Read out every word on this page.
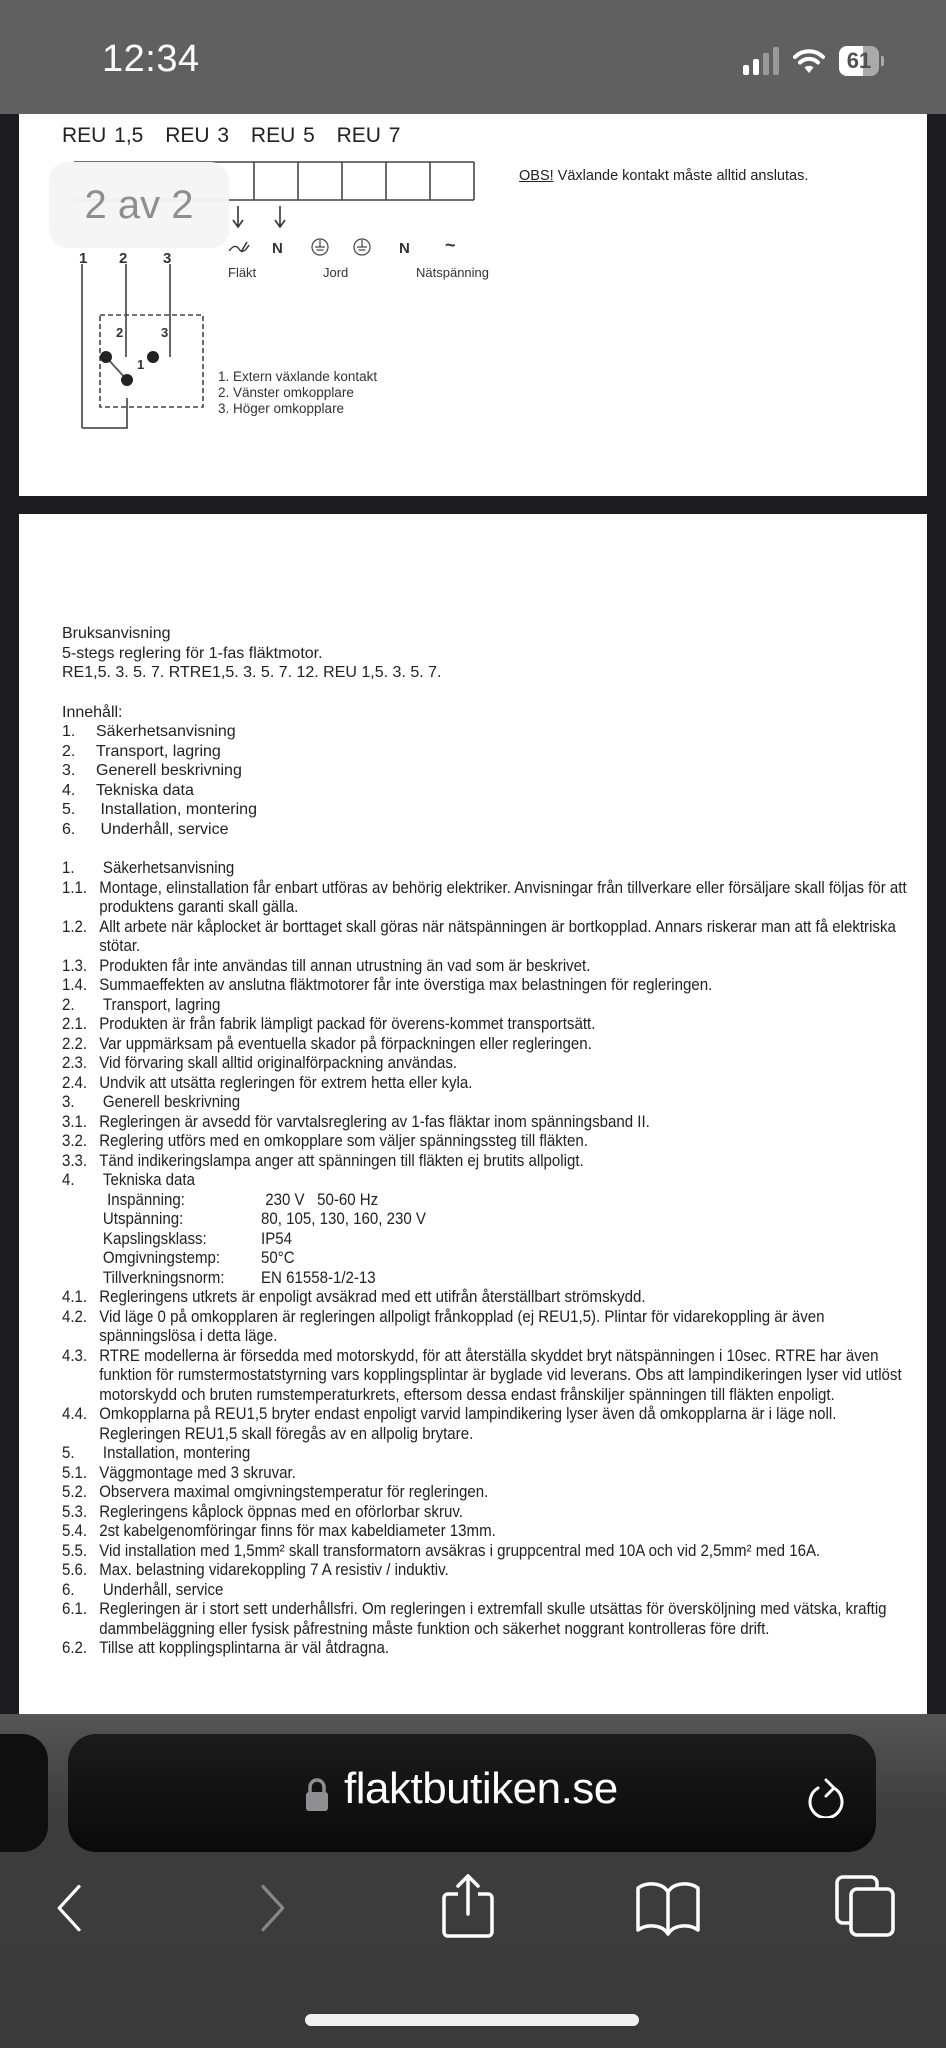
12:34	61
REU 1,5 REU 3 REU 5 REU 7
1 2 3
2	3
1
N	N ~
Fläkt	Jord	Nätspänning
1. Extern växlande kontakt
2. Vänster omkopplare
3. Höger omkopplare
OBS! Växlande kontakt måste alltid anslutas.
Bruksanvisning
5-stegs reglering för 1-fas fläktmotor.
RE1,5. 3. 5. 7. RTRE1,5. 3. 5. 7. 12. REU 1,5. 3. 5. 7.
Innehåll:
1.	Säkerhetsanvisning
2.	Transport, lagring
3.	Generell beskrivning
4.	Tekniska data
5.	Installation, montering
6.	Underhåll, service
1.	Säkerhetsanvisning
1.1. Montage, elinstallation får enbart utföras av behörig elektriker. Anvisningar från tillverkare eller försäljare skall följas för att produktens garanti skall gälla.
1.2. Allt arbete när kåplocket är borttaget skall göras när nätspänningen är bortkopplad. Annars riskerar man att få elektriska stötar.
1.3. Produkten får inte användas till annan utrustning än vad som är beskrivet.
1.4. Summaeffekten av anslutna fläktmotorer får inte överstiga max belastningen för regleringen.
2.	Transport, lagring
2.1. Produkten är från fabrik lämpligt packad för överens-kommet transportsätt.
2.2. Var uppmärksam på eventuella skador på förpackningen eller regleringen.
2.3. Vid förvaring skall alltid originalförpackning användas.
2.4. Undvik att utsätta regleringen för extrem hetta eller kyla.
3.	Generell beskrivning
3.1. Regleringen är avsedd för varvtalsreglering av 1-fas fläktar inom spänningsband II.
3.2. Reglering utförs med en omkopplare som väljer spänningssteg till fläkten.
3.3. Tänd indikeringslampa anger att spänningen till fläkten ej brutits allpoligt.
4.	Tekniska data
Inspänning:	230 V   50-60 Hz
Utspänning:	80, 105, 130, 160, 230 V
Kapslingsklass:	IP54
Omgivningstemp:	50°C
Tillverkningsnorm:	EN 61558-1/2-13
4.1. Regleringens utkrets är enpoligt avsäkrad med ett utifrån återställbart strömskydd.
4.2. Vid läge 0 på omkopplaren är regleringen allpoligt frånkopplad (ej REU1,5). Plintar för vidarekoppling är även spänningslösa i detta läge.
4.3. RTRE modellerna är försedda med motorskydd, för att återställa skyddet bryt nätspänningen i 10sec. RTRE har även funktion för rumstermostatstyrning vars kopplingsplintar är byglade vid leverans. Obs att lampindikeringen lyser vid utlöst motorskydd och bruten rumstemperaturkrets, eftersom dessa endast frånskiljer spänningen till fläkten enpoligt.
4.4. Omkopplarna på REU1,5 bryter endast enpoligt varvid lampindikering lyser även då omkopplarna är i läge noll. Regleringen REU1,5 skall föregås av en allpolig brytare.
5.	Installation, montering
5.1. Väggmontage med 3 skruvar.
5.2. Observera maximal omgivningstemperatur för regleringen.
5.3. Regleringens kåplock öppnas med en oförlorbar skruv.
5.4. 2st kabelgenomföringar finns för max kabeldiameter 13mm.
5.5. Vid installation med 1,5mm² skall transformatorn avsäkras i gruppcentral med 10A och vid 2,5mm² med 16A.
5.6. Max. belastning vidarekoppling 7 A resistiv / induktiv.
6.	Underhåll, service
6.1. Regleringen är i stort sett underhållsfri. Om regleringen i extremfall skulle utsättas för översköljning med vätska, kraftig dammbeläggning eller fysisk påfrestning måste funktion och säkerhet noggrant kontrolleras före drift.
6.2. Tillse att kopplingsplintarna är väl åtdragna.
2 av 2
flaktbutiken.se
